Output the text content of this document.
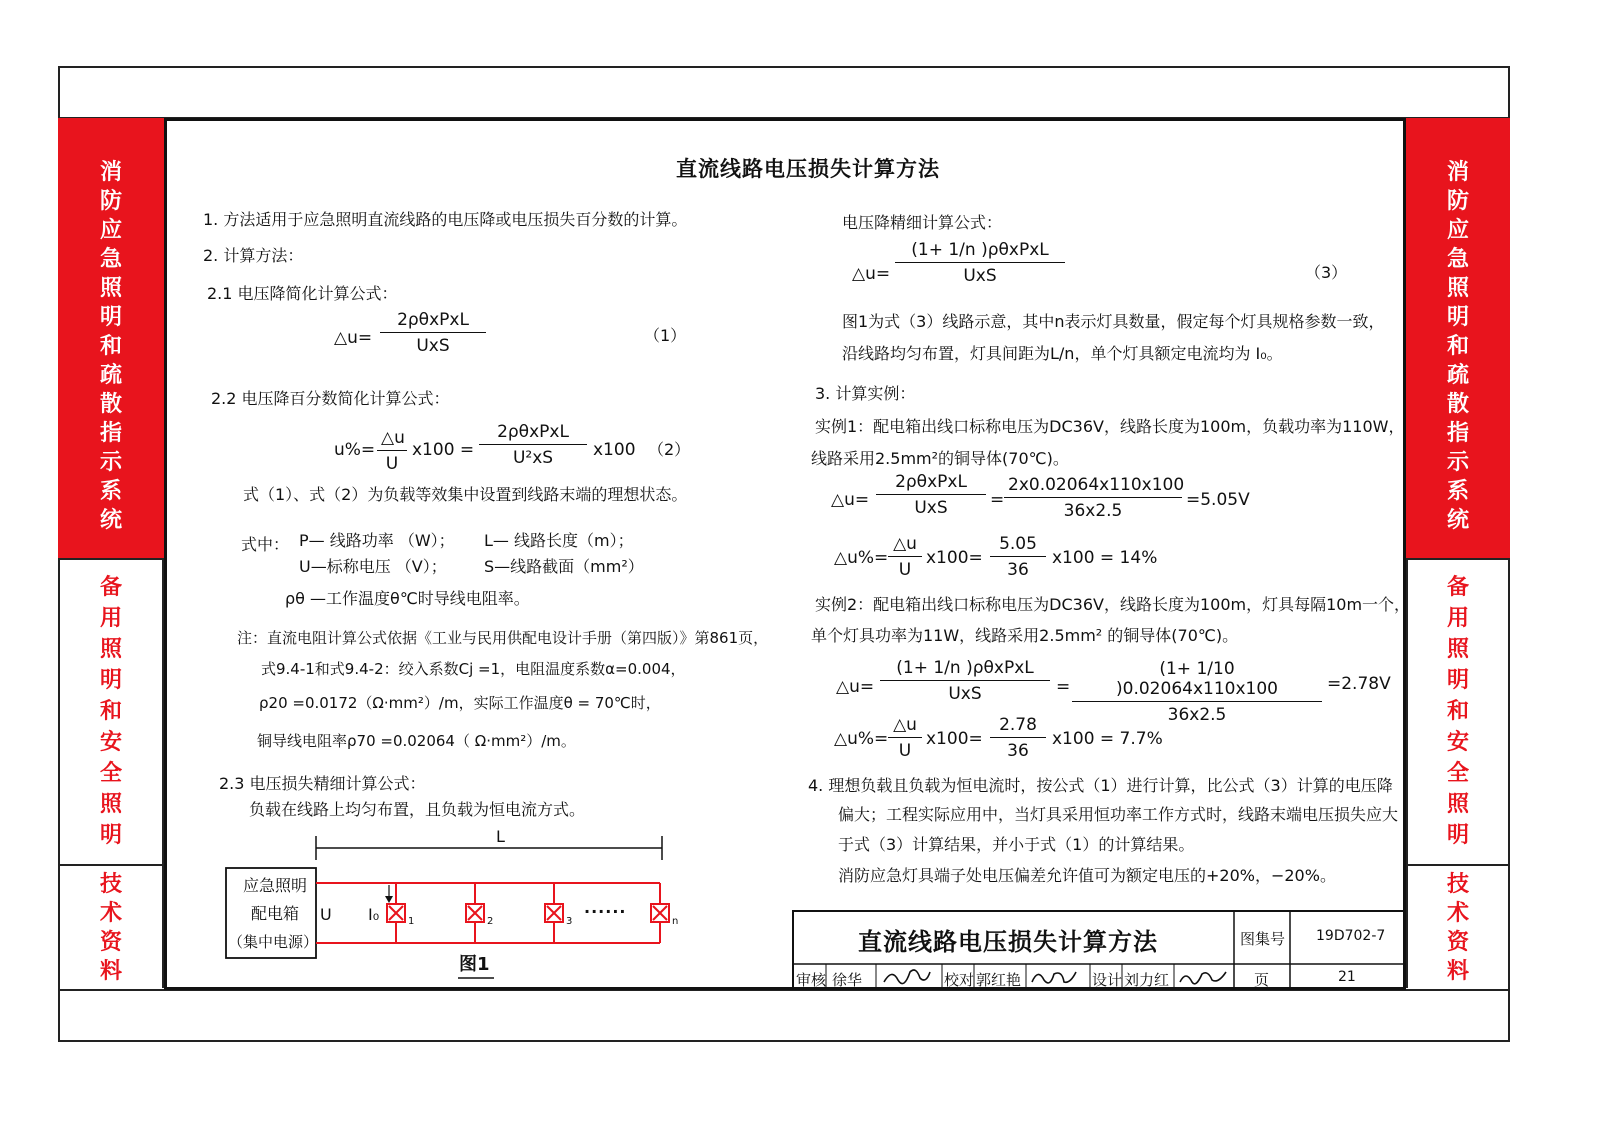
消防应急照明和疏散指示系统
备用照明和安全照明
技术资料
消防应急照明和疏散指示系统
备用照明和安全照明
技术资料
直流线路电压损失计算方法
1. 方法适用于应急照明直流线路的电压降或电压损失百分数的计算。
2. 计算方法：
2.1 电压降简化计算公式：
△u=
2ρθxPxL
UxS
（1）
2.2 电压降百分数简化计算公式：
$u\%= \frac{\triangle u}{U} x100$ =
2ρθxPxL
U²xS	x100 （2）
式（1）、式（2）为负载等效集中设置到线路末端的理想状态。
式中： P— 线路功率 （W）； L— 线路长度（m）；
U—标称电压 （V）； S—线路截面（mm²）
ρθ —工作温度θ℃时导线电阻率。
注：直流电阻计算公式依据《工业与民用供配电设计手册（第四版）》第861页，
式9.4-1和式9.4-2：绞入系数Cj =1，电阻温度系数α=0.004，
ρ20 =0.0172（Ω·mm²）/m，实际工作温度θ = 70℃时，
铜导线电阻率ρ70 =0.02064（ Ω·mm²）/m。
2.3 电压损失精细计算公式：
负载在线路上均匀布置，且负载为恒电流方式。
L
应急照明
配电箱
（集中电源）
U I₀	1	2	3	n
······
图1
电压降精细计算公式：
△u=
(1+ 1/n )ρθxPxL
UxS	（3）
图1为式（3）线路示意，其中n表示灯具数量，假定每个灯具规格参数一致，
沿线路均匀布置，灯具间距为L/n，单个灯具额定电流均为 I₀。
3. 计算实例：
实例1：配电箱出线口标称电压为DC36V，线路长度为100m，负载功率为110W，
线路采用2.5mm²的铜导体(70℃)。
△u=
2ρθxPxL
UxS	= $\frac{2x0.02064x110x100}{36x2.5} =5.05V$
△u%= $\frac{\triangle u}{U} x100= \frac{5.05}{36} x100 = 14\%$
实例2：配电箱出线口标称电压为DC36V，线路长度为100m，灯具每隔10m一个，
单个灯具功率为11W，线路采用2.5mm² 的铜导体(70℃)。
△u=
(1+ 1/n )ρθxPxL
UxS	= $\frac{(1+ 1/10 )0.02064x110x100}{36x2.5} =2.78V$
△u%= $\frac{\triangle u}{U} x100= \frac{2.78}{36} x100 = 7.7\%$
4. 理想负载且负载为恒电流时，按公式（1）进行计算，比公式（3）计算的电压降
偏大；工程实际应用中，当灯具采用恒功率工作方式时，线路末端电压损失应大
于式（3）计算结果，并小于式（1）的计算结果。
消防应急灯具端子处电压偏差允许值可为额定电压的+20%，−20%。
直流线路电压损失计算方法	图集号 19D702-7
审核 徐华	校对 郭红艳	设计 刘力红	页	21
